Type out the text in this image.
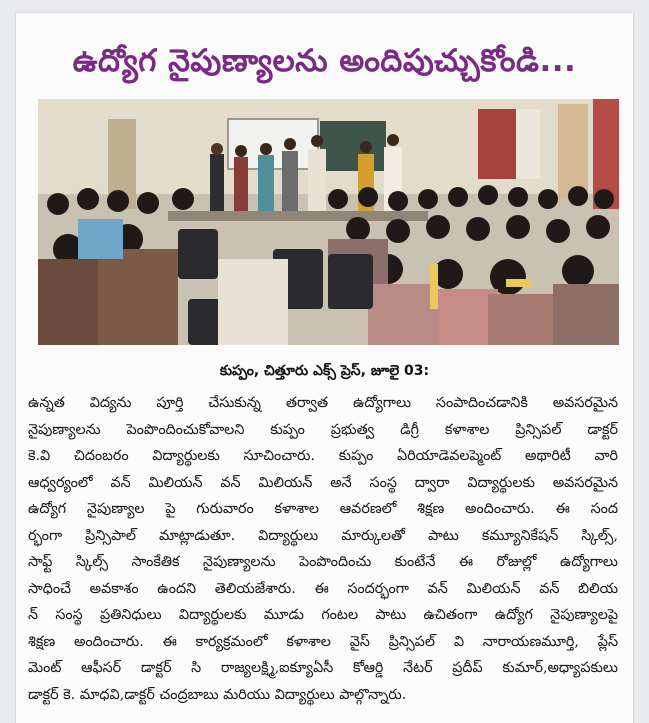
ఉద్యోగ నైపుణ్యాలను అందిపుచ్చుకోండి...
కుప్పం, చిత్తూరు ఎక్స్ ప్రెస్, జూలై 03:
ఉన్నత విద్యను పూర్తి చేసుకున్న తర్వాత ఉద్యోగాలు సంపాదించడానికి అవసరమైన
నైపుణ్యాలను పెంపొందించుకోవాలని కుప్పం ప్రభుత్వ డిగ్రీ కళాశాల ప్రిన్సిపల్ డాక్టర్
కె.వి చిదంబరం విద్యార్థులకు సూచించారు. కుప్పం ఏరియాడెవలప్మెంట్ అథారిటీ వారి
ఆధ్వర్యంలో వన్ మిలియన్ వన్ మిలియన్ అనే సంస్థ ద్వారా విద్యార్థులకు అవసరమైన
ఉద్యోగ నైపుణ్యాల పై గురువారం కళాశాల ఆవరణలో శిక్షణ అందించారు. ఈ సంద
ర్భంగా ప్రిన్సిపాల్ మాట్లాడుతూ. విద్యార్థులు మార్కులతో పాటు కమ్యూనికేషన్ స్కిల్స్,
సాఫ్ట్ స్కిల్స్ సాంకేతిక నైపుణ్యాలను పెంపొందించు కుంటేనే ఈ రోజుల్లో ఉద్యోగాలు
సాధించే అవకాశం ఉందని తెలియజేశారు. ఈ సందర్భంగా వన్ మిలియన్ వన్ బిలియ
న్ సంస్థ ప్రతినిధులు విద్యార్థులకు మూడు గంటల పాటు ఉచితంగా ఉద్యోగ నైపుణ్యాలపై
శిక్షణ అందించారు. ఈ కార్యక్రమంలో కళాశాల వైస్ ప్రిన్సిపల్ వి నారాయణమూర్తి, ప్లేస్
మెంట్ ఆఫీసర్ డాక్టర్ సి రాజ్యలక్ష్మి,ఐక్యూఏసీ కోఆర్డి నేటర్ ప్రదీప్ కుమార్,అధ్యాపకులు
డాక్టర్ కె. మాధవి,డాక్టర్ చంద్రబాబు మరియు విద్యార్థులు పాల్గొన్నారు.
